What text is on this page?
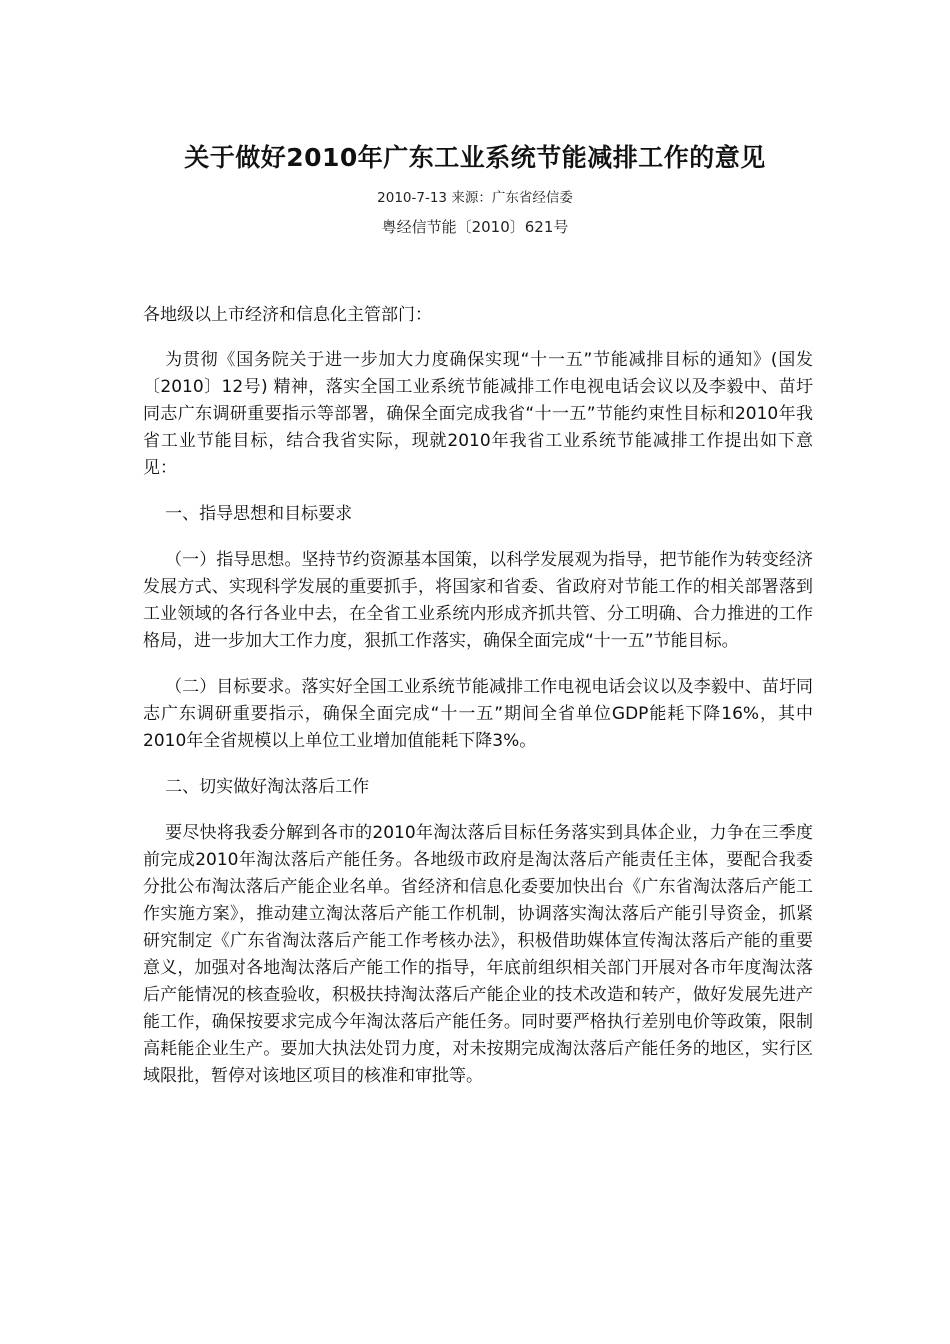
关于做好2010年广东工业系统节能减排工作的意见
2010-7-13 来源：广东省经信委
粤经信节能〔2010〕621号

各地级以上市经济和信息化主管部门：

为贯彻《国务院关于进一步加大力度确保实现“十一五”节能减排目标的通知》(国发〔2010〕12号) 精神，落实全国工业系统节能减排工作电视电话会议以及李毅中、苗圩同志广东调研重要指示等部署，确保全面完成我省“十一五”节能约束性目标和2010年我省工业节能目标，结合我省实际，现就2010年我省工业系统节能减排工作提出如下意见：

一、指导思想和目标要求

（一）指导思想。坚持节约资源基本国策，以科学发展观为指导，把节能作为转变经济发展方式、实现科学发展的重要抓手，将国家和省委、省政府对节能工作的相关部署落到工业领域的各行各业中去，在全省工业系统内形成齐抓共管、分工明确、合力推进的工作格局，进一步加大工作力度，狠抓工作落实，确保全面完成“十一五”节能目标。

（二）目标要求。落实好全国工业系统节能减排工作电视电话会议以及李毅中、苗圩同志广东调研重要指示，确保全面完成“十一五”期间全省单位GDP能耗下降16%，其中2010年全省规模以上单位工业增加值能耗下降3%。

二、切实做好淘汰落后工作

要尽快将我委分解到各市的2010年淘汰落后目标任务落实到具体企业，力争在三季度前完成2010年淘汰落后产能任务。各地级市政府是淘汰落后产能责任主体，要配合我委分批公布淘汰落后产能企业名单。省经济和信息化委要加快出台《广东省淘汰落后产能工作实施方案》，推动建立淘汰落后产能工作机制，协调落实淘汰落后产能引导资金，抓紧研究制定《广东省淘汰落后产能工作考核办法》，积极借助媒体宣传淘汰落后产能的重要意义，加强对各地淘汰落后产能工作的指导，年底前组织相关部门开展对各市年度淘汰落后产能情况的核查验收，积极扶持淘汰落后产能企业的技术改造和转产，做好发展先进产能工作，确保按要求完成今年淘汰落后产能任务。同时要严格执行差别电价等政策，限制高耗能企业生产。要加大执法处罚力度，对未按期完成淘汰落后产能任务的地区，实行区域限批，暂停对该地区项目的核准和审批等。
